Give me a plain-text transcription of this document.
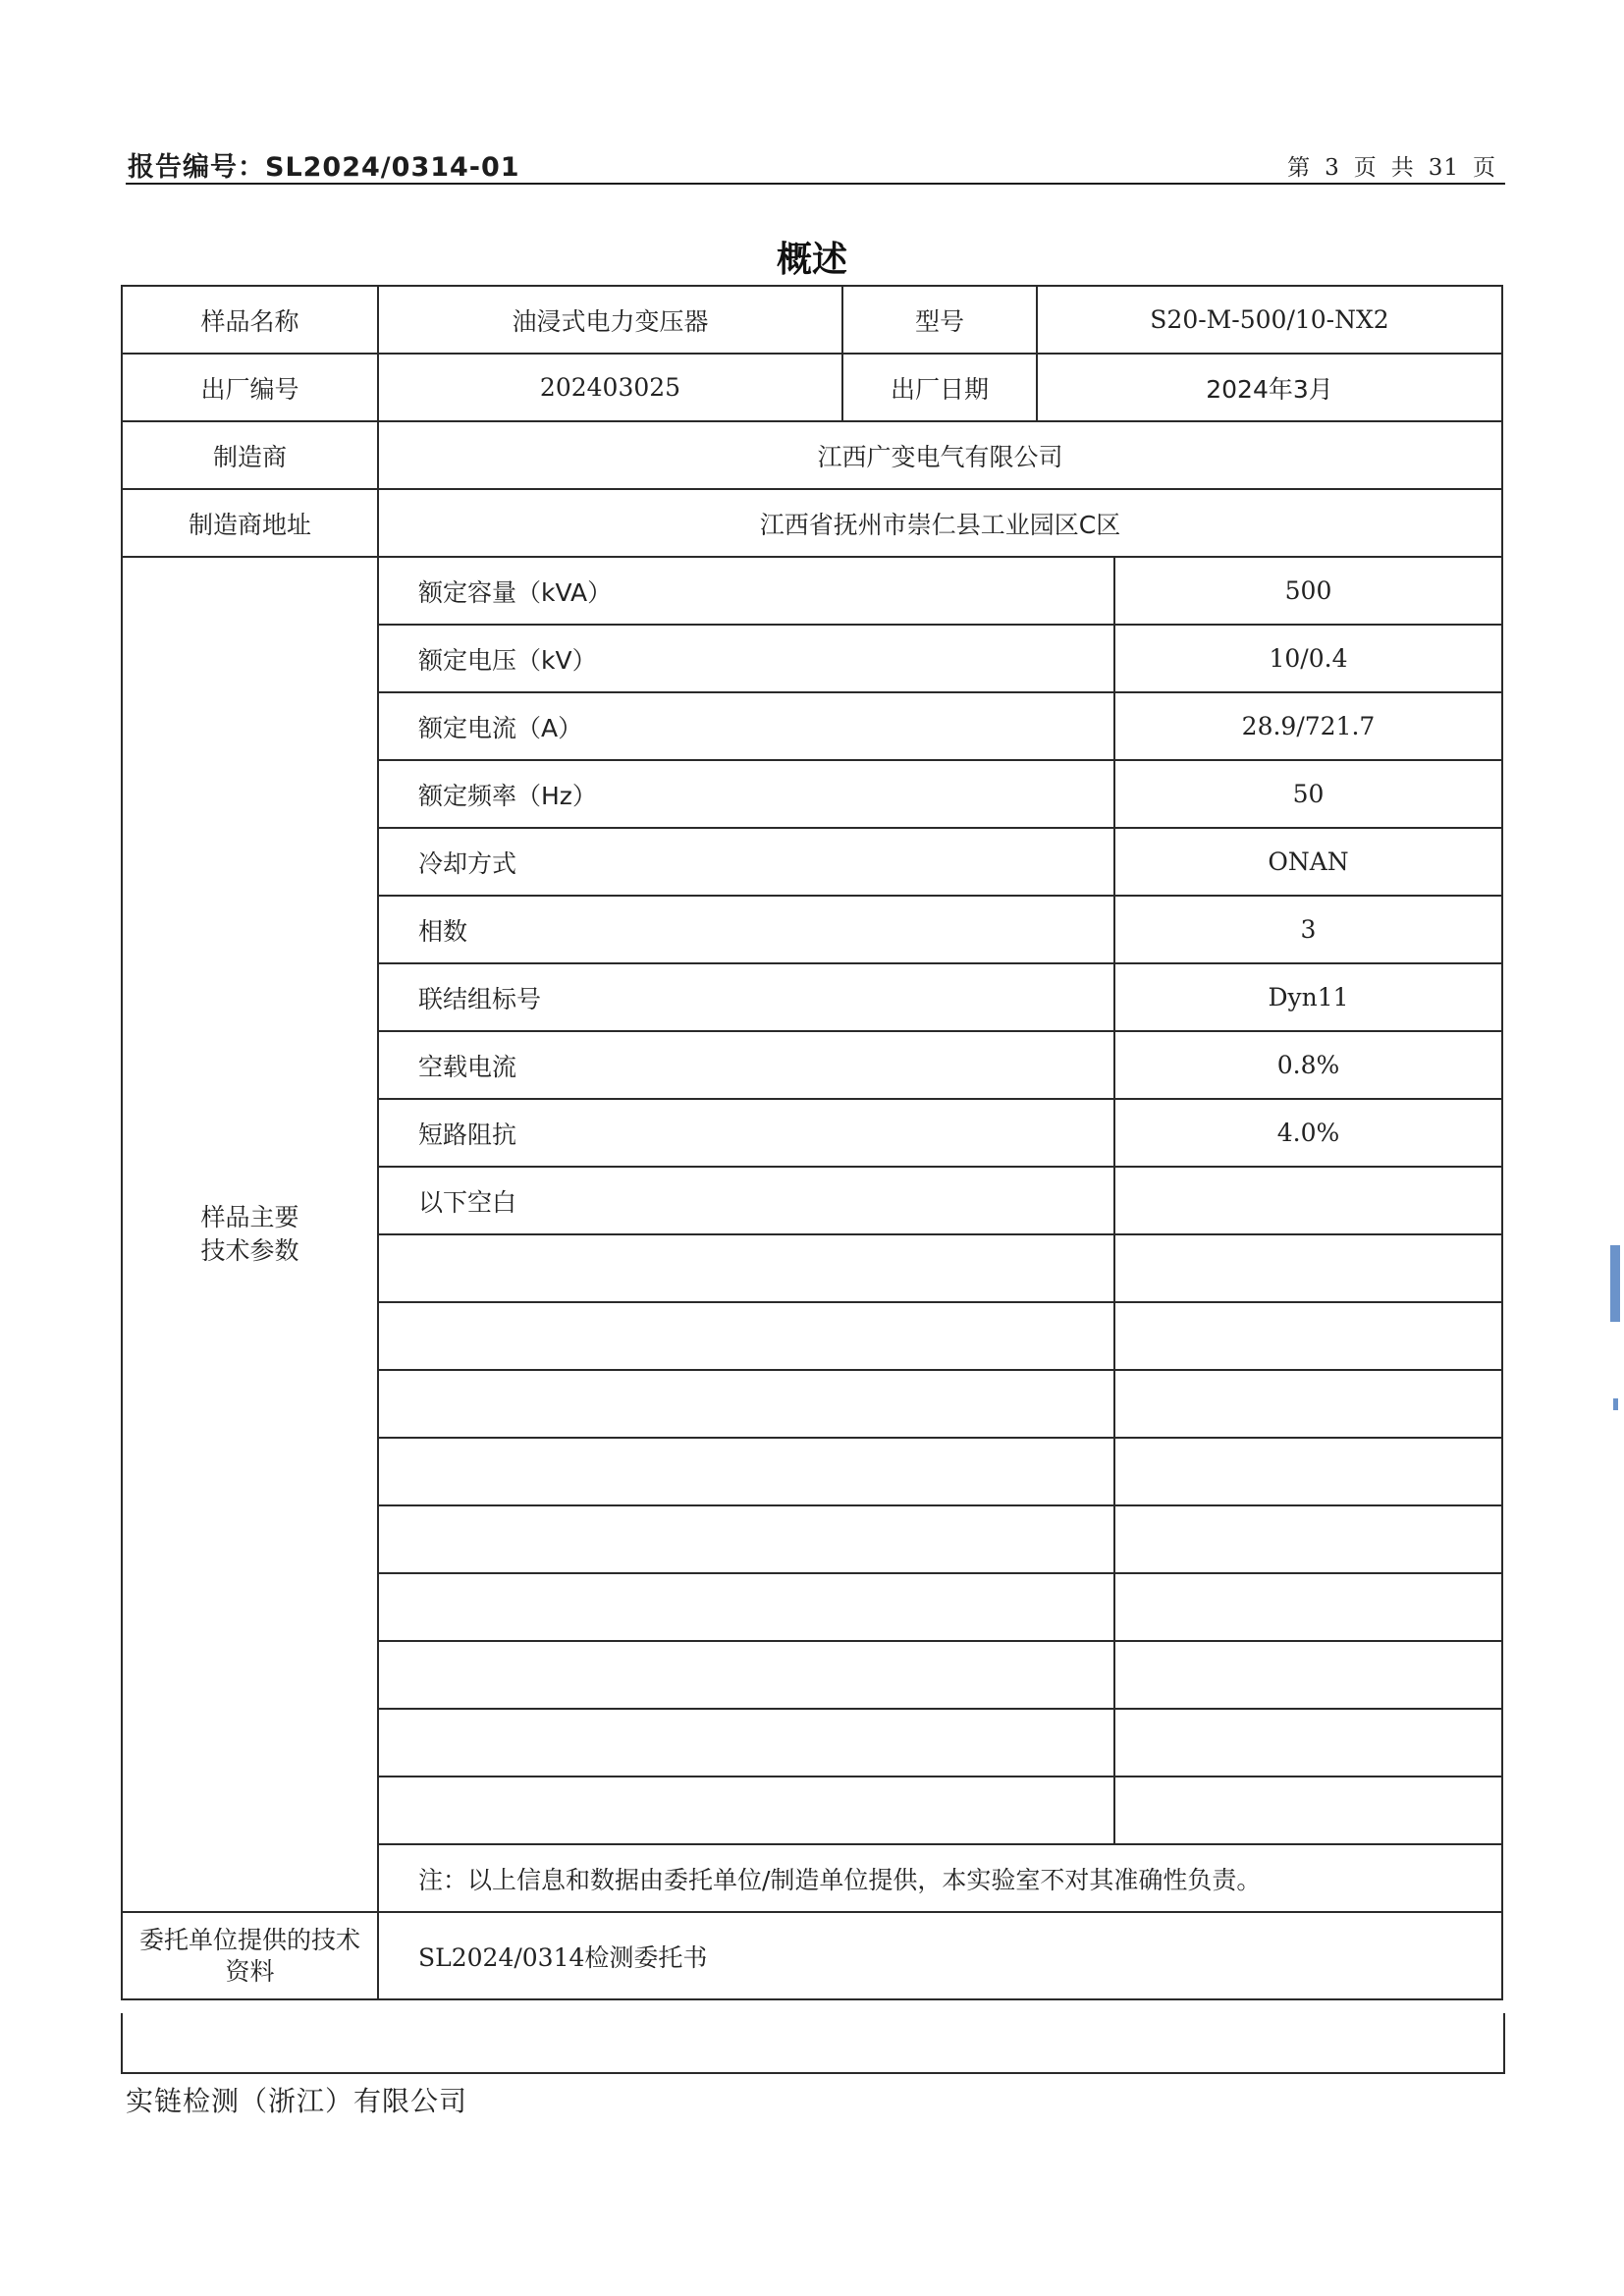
报告编号：SL2024/0314-01	第 3 页 共 31 页
概述
样品名称	油浸式电力变压器	型号	S20-M-500/10-NX2	
出厂编号	202403025	出厂日期	2024年3月	
制造商	江西广变电气有限公司			
制造商地址	江西省抚州市崇仁县工业园区C区			
样品主要
技术参数	额定容量（kVA）			500
	额定电压（kV）			10/0.4
	额定电流（A）			28.9/721.7
	额定频率（Hz）			50
	冷却方式			ONAN
	相数			3
	联结组标号			Dyn11
	空载电流			0.8%
	短路阻抗			4.0%
	以下空白			

	注：以上信息和数据由委托单位/制造单位提供，本实验室不对其准确性负责。			
委托单位提供的技术资料	SL2024/0314检测委托书			
实链检测（浙江）有限公司
